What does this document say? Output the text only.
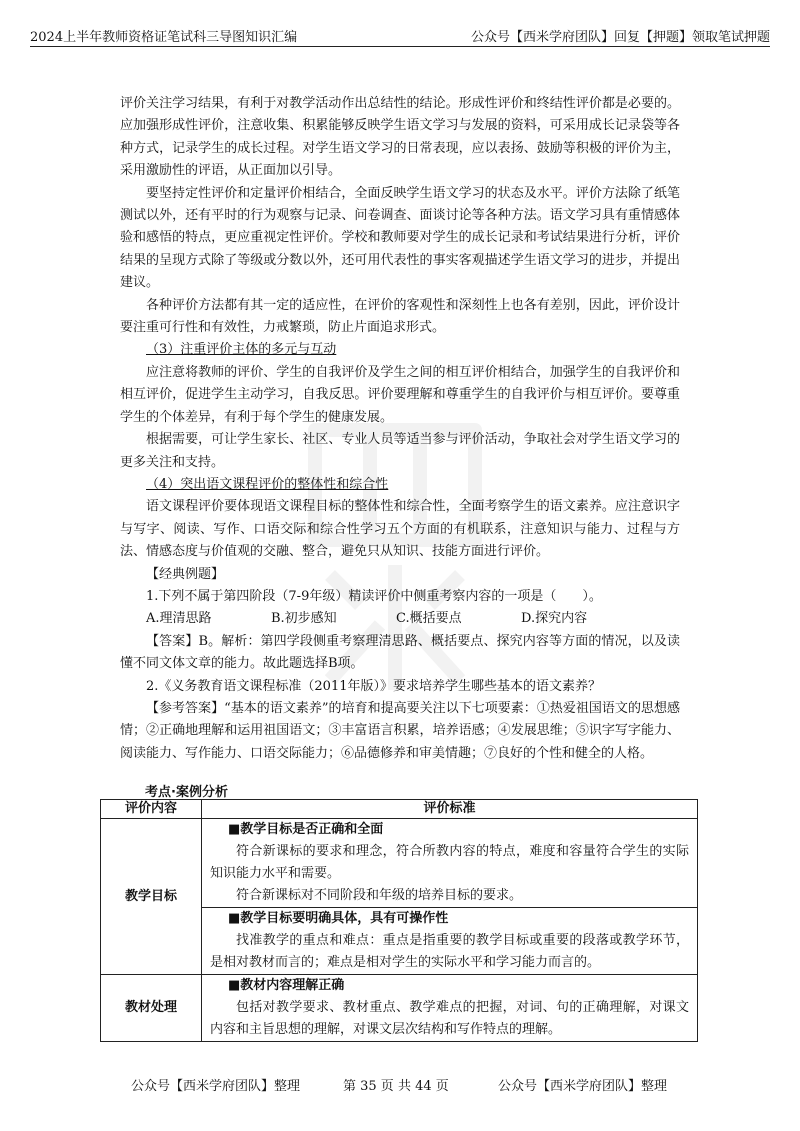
2024上半年教师资格证笔试科三导图知识汇编	公众号【西米学府团队】回复【押题】领取笔试押题

评价关注学习结果，有利于对教学活动作出总结性的结论。形成性评价和终结性评价都是必要的。应加强形成性评价，注意收集、积累能够反映学生语文学习与发展的资料，可采用成长记录袋等各种方式，记录学生的成长过程。对学生语文学习的日常表现，应以表扬、鼓励等积极的评价为主，采用激励性的评语，从正面加以引导。

要坚持定性评价和定量评价相结合，全面反映学生语文学习的状态及水平。评价方法除了纸笔测试以外，还有平时的行为观察与记录、问卷调查、面谈讨论等各种方法。语文学习具有重情感体验和感悟的特点，更应重视定性评价。学校和教师要对学生的成长记录和考试结果进行分析，评价结果的呈现方式除了等级或分数以外，还可用代表性的事实客观描述学生语文学习的进步，并提出建议。

各种评价方法都有其一定的适应性，在评价的客观性和深刻性上也各有差别，因此，评价设计要注重可行性和有效性，力戒繁琐，防止片面追求形式。

（3）注重评价主体的多元与互动

应注意将教师的评价、学生的自我评价及学生之间的相互评价相结合，加强学生的自我评价和相互评价，促进学生主动学习，自我反思。评价要理解和尊重学生的自我评价与相互评价。要尊重学生的个体差异，有利于每个学生的健康发展。

根据需要，可让学生家长、社区、专业人员等适当参与评价活动，争取社会对学生语文学习的更多关注和支持。

（4）突出语文课程评价的整体性和综合性

语文课程评价要体现语文课程目标的整体性和综合性，全面考察学生的语文素养。应注意识字与写字、阅读、写作、口语交际和综合性学习五个方面的有机联系，注意知识与能力、过程与方法、情感态度与价值观的交融、整合，避免只从知识、技能方面进行评价。

【经典例题】

1.下列不属于第四阶段（7-9年级）精读评价中侧重考察内容的一项是（　　）。

A.理清思路	B.初步感知	C.概括要点	D.探究内容

【答案】B。解析：第四学段侧重考察理清思路、概括要点、探究内容等方面的情况，以及读懂不同文体文章的能力。故此题选择B项。

2.《义务教育语文课程标准（2011年版）》要求培养学生哪些基本的语文素养？

【参考答案】“基本的语文素养”的培育和提高要关注以下七项要素：①热爱祖国语文的思想感情；②正确地理解和运用祖国语文；③丰富语言积累，培养语感；④发展思维；⑤识字写字能力、阅读能力、写作能力、口语交际能力；⑥品德修养和审美情趣；⑦良好的个性和健全的人格。

考点·案例分析
评价内容	评价标准
教学目标	■教学目标是否正确和全面
符合新课标的要求和理念，符合所教内容的特点，难度和容量符合学生的实际知识能力水平和需要。
符合新课标对不同阶段和年级的培养目标的要求。

	■教学目标要明确具体，具有可操作性
找准教学的重点和难点：重点是指重要的教学目标或重要的段落或教学环节，是相对教材而言的；难点是相对学生的实际水平和学习能力而言的。

教材处理	■教材内容理解正确
包括对教学要求、教材重点、教学难点的把握，对词、句的正确理解，对课文内容和主旨思想的理解，对课文层次结构和写作特点的理解。
公众号【西米学府团队】整理	第 35 页 共 44 页	公众号【西米学府团队】整理
